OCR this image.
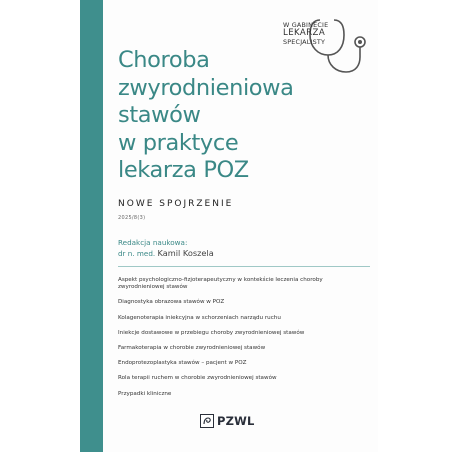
W GABINECIE
LEKARZA
SPECJALISTY
Choroba
zwyrodnieniowa
stawów
w praktyce
lekarza POZ
NOWE SPOJRZENIE
2025/8(3)
Redakcja naukowa:
dr n. med. Kamil Koszela
Aspekt psychologiczno-fizjoterapeutyczny w kontekście leczenia choroby zwyrodnieniowej stawów
Diagnostyka obrazowa stawów w POZ
Kolagenoterapia iniekcyjna w schorzeniach narządu ruchu
Iniekcje dostawowe w przebiegu choroby zwyrodnieniowej stawów
Farmakoterapia w chorobie zwyrodnieniowej stawów
Endoprotezoplastyka stawów – pacjent w POZ
Rola terapii ruchem w chorobie zwyrodnieniowej stawów
Przypadki kliniczne
PZWL
